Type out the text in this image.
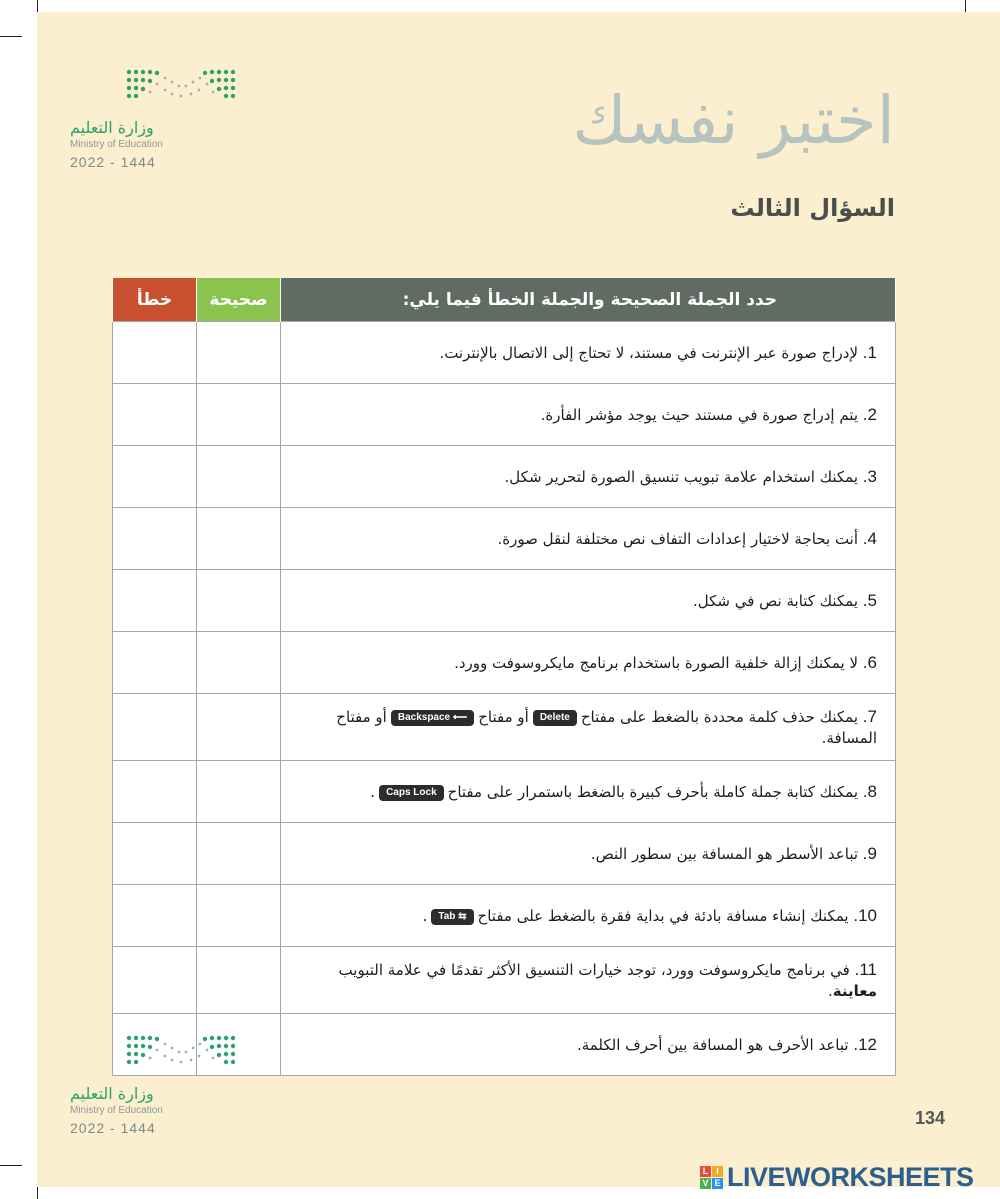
وزارة التعليم
Ministry of Education
2022 - 1444
اختبر نفسك
السؤال الثالث
خطأ	صحيحة	حدد الجملة الصحيحة والجملة الخطأ فيما يلي:
		1. لإدراج صورة عبر الإنترنت في مستند، لا تحتاج إلى الاتصال بالإنترنت.
		2. يتم إدراج صورة في مستند حيث يوجد مؤشر الفأرة.
		3. يمكنك استخدام علامة تبويب تنسيق الصورة لتحرير شكل.
		4. أنت بحاجة لاختيار إعدادات التفاف نص مختلفة لنقل صورة.
		5. يمكنك كتابة نص في شكل.
		6. لا يمكنك إزالة خلفية الصورة باستخدام برنامج مايكروسوفت وورد.
		7. يمكنك حذف كلمة محددة بالضغط على مفتاحDeleteأو مفتاحBackspace ⟵أو مفتاح المسافة.
		8. يمكنك كتابة جملة كاملة بأحرف كبيرة بالضغط باستمرار على مفتاحCaps Lock.
		9. تباعد الأسطر هو المسافة بين سطور النص.
		10. يمكنك إنشاء مسافة بادئة في بداية فقرة بالضغط على مفتاحTab ⇆.
		11. في برنامج مايكروسوفت وورد، توجد خيارات التنسيق الأكثر تقدمًا في علامة التبويب معاينة.
		12. تباعد الأحرف هو المسافة بين أحرف الكلمة.
وزارة التعليم
Ministry of Education
2022 - 1444	134
L I
V E LIVEWORKSHEETS
